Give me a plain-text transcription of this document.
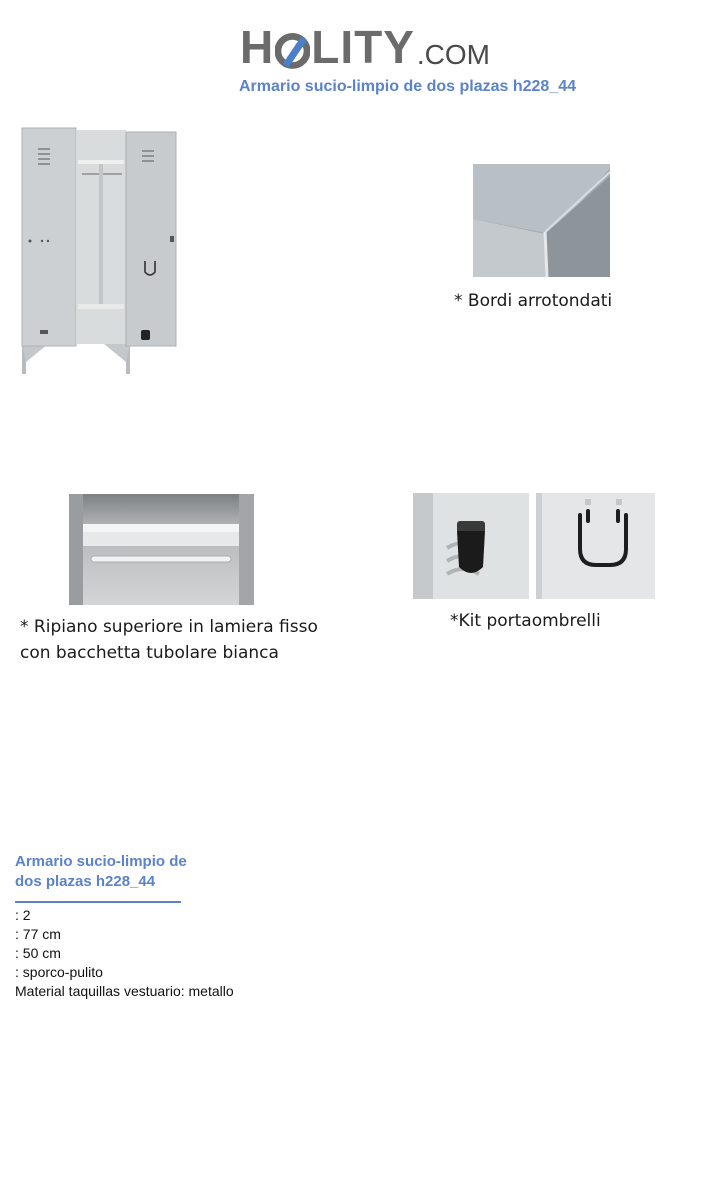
H LITY .COM
Armario sucio-limpio de dos plazas h228_44
* Bordi arrotondati
* Ripiano superiore in lamiera fisso
con bacchetta tubolare bianca
*Kit portaombrelli
Armario sucio-limpio de dos plazas h228_44
: 2
: 77 cm
: 50 cm
: sporco-pulito
Material taquillas vestuario: metallo
